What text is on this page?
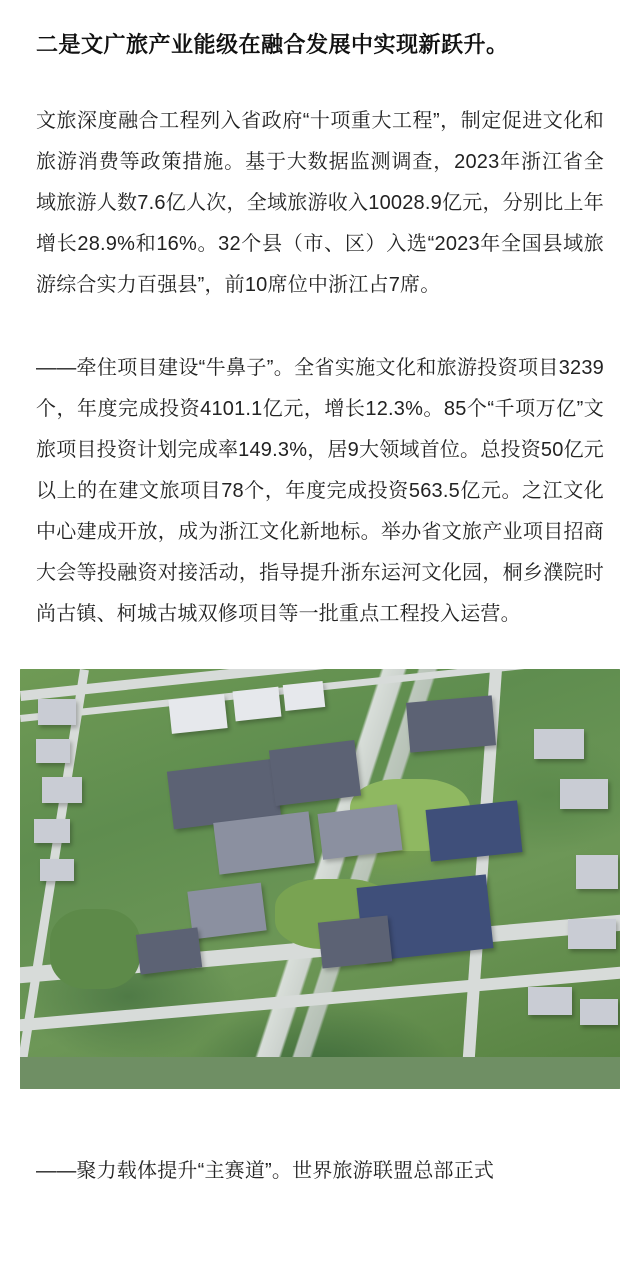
二是文广旅产业能级在融合发展中实现新跃升。

文旅深度融合工程列入省政府“十项重大工程”，制定促进文化和旅游消费等政策措施。基于大数据监测调查，2023年浙江省全域旅游人数7.6亿人次，全域旅游收入10028.9亿元，分别比上年增长28.9%和16%。32个县（市、区）入选“2023年全国县域旅游综合实力百强县”，前10席位中浙江占7席。

——牵住项目建设“牛鼻子”。全省实施文化和旅游投资项目3239个，年度完成投资4101.1亿元，增长12.3%。85个“千项万亿”文旅项目投资计划完成率149.3%，居9大领域首位。总投资50亿元以上的在建文旅项目78个，年度完成投资563.5亿元。之江文化中心建成开放，成为浙江文化新地标。举办省文旅产业项目招商大会等投融资对接活动，指导提升浙东运河文化园，桐乡濮院时尚古镇、柯城古城双修项目等一批重点工程投入运营。

——聚力载体提升“主赛道”。世界旅游联盟总部正式
